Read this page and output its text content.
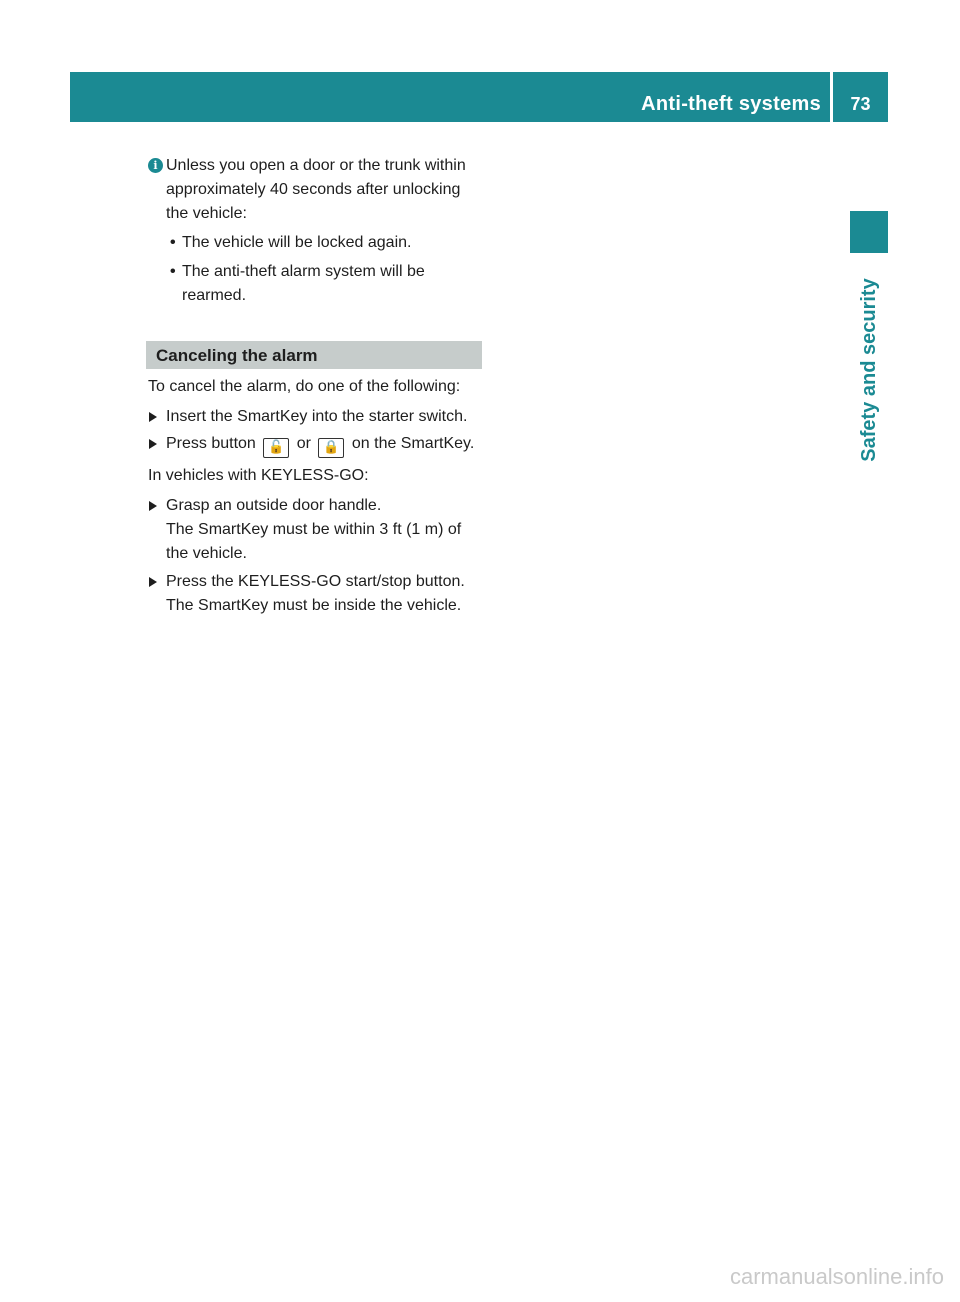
Anti-theft systems	73
Safety and security
i Unless you open a door or the trunk within approximately 40 seconds after unlocking the vehicle:

• The vehicle will be locked again.
• The anti-theft alarm system will be rearmed.
Canceling the alarm

To cancel the alarm, do one of the following:

Insert the SmartKey into the starter switch.
Press button 🔓 or 🔒 on the SmartKey.

In vehicles with KEYLESS-GO:

Grasp an outside door handle.

The SmartKey must be within 3 ft (1 m) of the vehicle.

Press the KEYLESS-GO start/stop button.

The SmartKey must be inside the vehicle.

carmanualsonline.info
